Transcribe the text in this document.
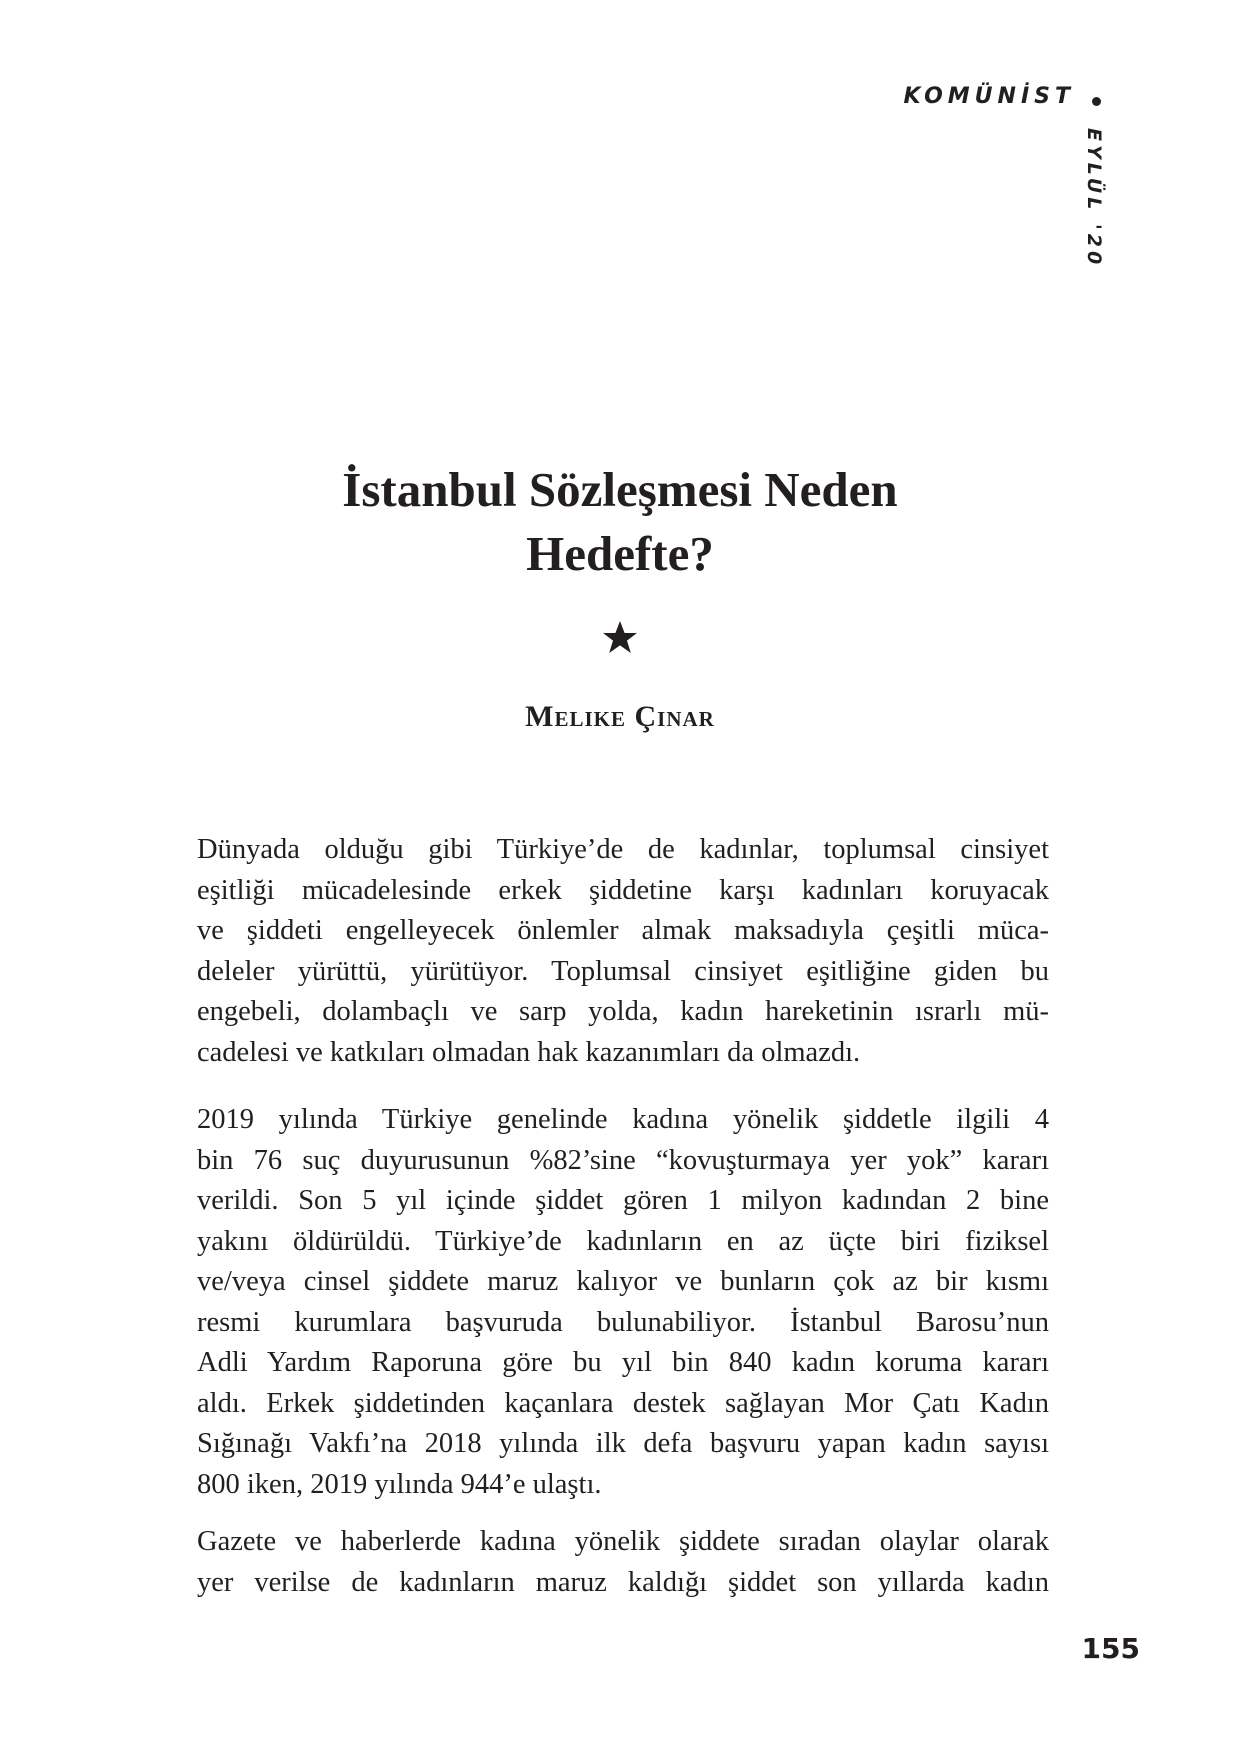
KOMÜNİST
EYLÜL '20
İstanbul Sözleşmesi Neden
Hedefte?
Melike Çınar
Dünyada olduğu gibi Türkiye’de de kadınlar, toplumsal cinsiyet
eşitliği mücadelesinde erkek şiddetine karşı kadınları koruyacak
ve şiddeti engelleyecek önlemler almak maksadıyla çeşitli müca-
deleler yürüttü, yürütüyor. Toplumsal cinsiyet eşitliğine giden bu
engebeli, dolambaçlı ve sarp yolda, kadın hareketinin ısrarlı mü-
cadelesi ve katkıları olmadan hak kazanımları da olmazdı.
2019 yılında Türkiye genelinde kadına yönelik şiddetle ilgili 4
bin 76 suç duyurusunun %82’sine “kovuşturmaya yer yok” kararı
verildi. Son 5 yıl içinde şiddet gören 1 milyon kadından 2 bine
yakını öldürüldü. Türkiye’de kadınların en az üçte biri fiziksel
ve/veya cinsel şiddete maruz kalıyor ve bunların çok az bir kısmı
resmi kurumlara başvuruda bulunabiliyor. İstanbul Barosu’nun
Adli Yardım Raporuna göre bu yıl bin 840 kadın koruma kararı
aldı. Erkek şiddetinden kaçanlara destek sağlayan Mor Çatı Kadın
Sığınağı Vakfı’na 2018 yılında ilk defa başvuru yapan kadın sayısı
800 iken, 2019 yılında 944’e ulaştı.
Gazete ve haberlerde kadına yönelik şiddete sıradan olaylar olarak
yer verilse de kadınların maruz kaldığı şiddet son yıllarda kadın
155
